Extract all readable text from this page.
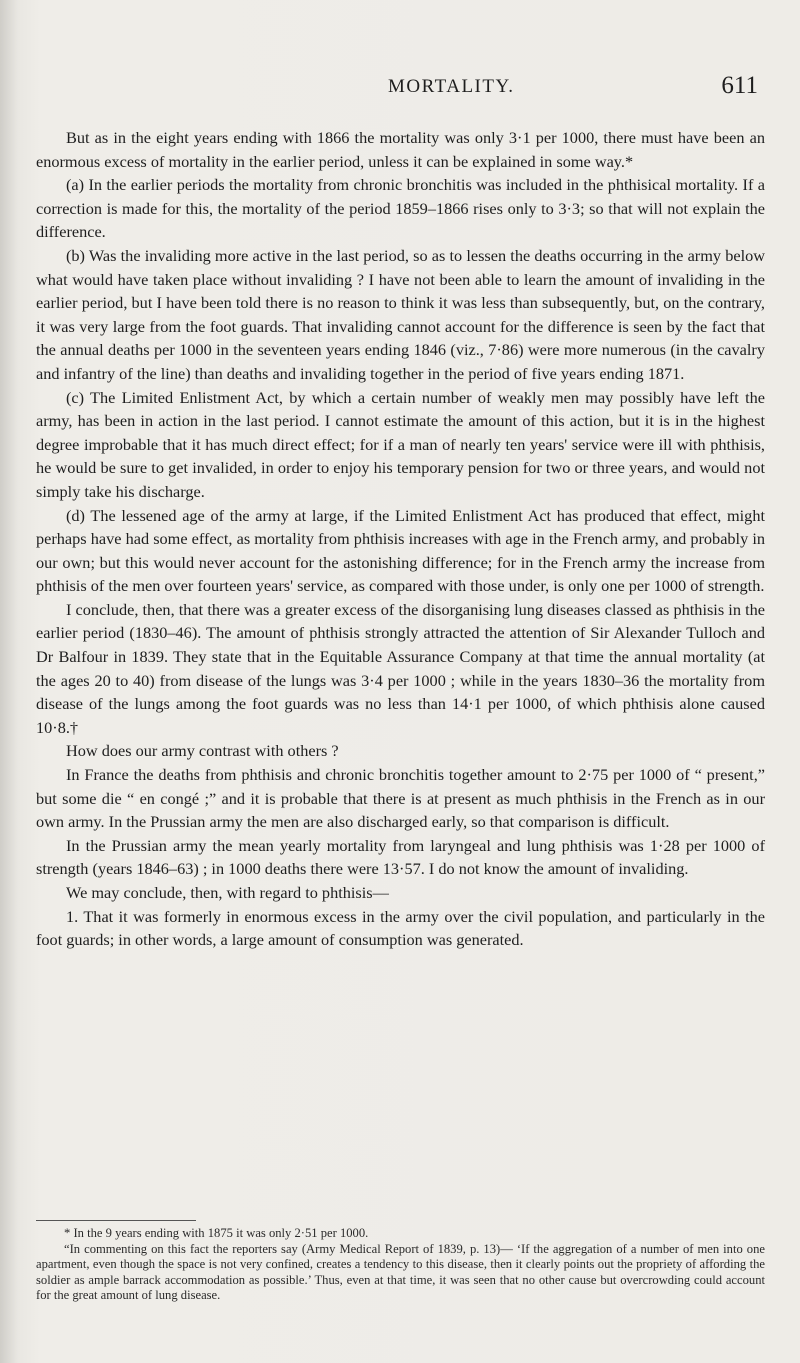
MORTALITY.	611

But as in the eight years ending with 1866 the mortality was only 3·1 per 1000, there must have been an enormous excess of mortality in the earlier period, unless it can be explained in some way.*

(a) In the earlier periods the mortality from chronic bronchitis was included in the phthisical mortality. If a correction is made for this, the mortality of the period 1859–1866 rises only to 3·3; so that will not explain the difference.

(b) Was the invaliding more active in the last period, so as to lessen the deaths occurring in the army below what would have taken place without invaliding ? I have not been able to learn the amount of invaliding in the earlier period, but I have been told there is no reason to think it was less than subsequently, but, on the contrary, it was very large from the foot guards. That invaliding cannot account for the difference is seen by the fact that the annual deaths per 1000 in the seventeen years ending 1846 (viz., 7·86) were more numerous (in the cavalry and infantry of the line) than deaths and invaliding together in the period of five years ending 1871.

(c) The Limited Enlistment Act, by which a certain number of weakly men may possibly have left the army, has been in action in the last period. I cannot estimate the amount of this action, but it is in the highest degree improbable that it has much direct effect; for if a man of nearly ten years' service were ill with phthisis, he would be sure to get invalided, in order to enjoy his temporary pension for two or three years, and would not simply take his discharge.

(d) The lessened age of the army at large, if the Limited Enlistment Act has produced that effect, might perhaps have had some effect, as mortality from phthisis increases with age in the French army, and probably in our own; but this would never account for the astonishing difference; for in the French army the increase from phthisis of the men over fourteen years' service, as compared with those under, is only one per 1000 of strength.

I conclude, then, that there was a greater excess of the disorganising lung diseases classed as phthisis in the earlier period (1830–46). The amount of phthisis strongly attracted the attention of Sir Alexander Tulloch and Dr Balfour in 1839. They state that in the Equitable Assurance Company at that time the annual mortality (at the ages 20 to 40) from disease of the lungs was 3·4 per 1000 ; while in the years 1830–36 the mortality from disease of the lungs among the foot guards was no less than 14·1 per 1000, of which phthisis alone caused 10·8.†

How does our army contrast with others ?

In France the deaths from phthisis and chronic bronchitis together amount to 2·75 per 1000 of “ present,” but some die “ en congé ;” and it is probable that there is at present as much phthisis in the French as in our own army. In the Prussian army the men are also discharged early, so that comparison is difficult.

In the Prussian army the mean yearly mortality from laryngeal and lung phthisis was 1·28 per 1000 of strength (years 1846–63) ; in 1000 deaths there were 13·57. I do not know the amount of invaliding.

We may conclude, then, with regard to phthisis—

1. That it was formerly in enormous excess in the army over the civil population, and particularly in the foot guards; in other words, a large amount of consumption was generated.

* In the 9 years ending with 1875 it was only 2·51 per 1000.

“In commenting on this fact the reporters say (Army Medical Report of 1839, p. 13)— ‘If the aggregation of a number of men into one apartment, even though the space is not very confined, creates a tendency to this disease, then it clearly points out the propriety of affording the soldier as ample barrack accommodation as possible.’ Thus, even at that time, it was seen that no other cause but overcrowding could account for the great amount of lung disease.
